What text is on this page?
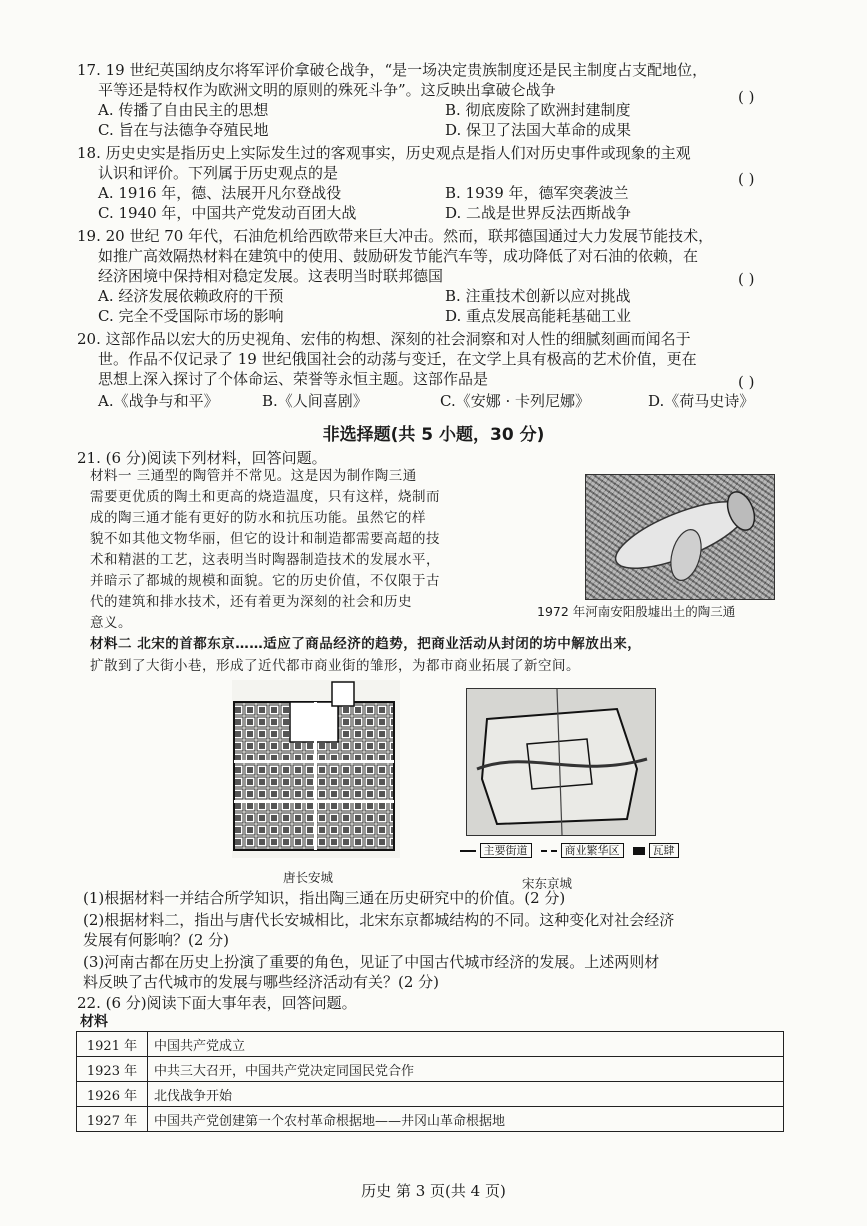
17. 19 世纪英国纳皮尔将军评价拿破仑战争，“是一场决定贵族制度还是民主制度占支配地位，
平等还是特权作为欧洲文明的原则的殊死斗争”。这反映出拿破仑战争	( )
A. 传播了自由民主的思想	B. 彻底废除了欧洲封建制度
C. 旨在与法德争夺殖民地	D. 保卫了法国大革命的成果
18. 历史史实是指历史上实际发生过的客观事实，历史观点是指人们对历史事件或现象的主观
认识和评价。下列属于历史观点的是	( )
A. 1916 年，德、法展开凡尔登战役	B. 1939 年，德军突袭波兰
C. 1940 年，中国共产党发动百团大战	D. 二战是世界反法西斯战争
19. 20 世纪 70 年代，石油危机给西欧带来巨大冲击。然而，联邦德国通过大力发展节能技术，
如推广高效隔热材料在建筑中的使用、鼓励研发节能汽车等，成功降低了对石油的依赖，在
经济困境中保持相对稳定发展。这表明当时联邦德国	( )
A. 经济发展依赖政府的干预	B. 注重技术创新以应对挑战
C. 完全不受国际市场的影响	D. 重点发展高能耗基础工业
20. 这部作品以宏大的历史视角、宏伟的构想、深刻的社会洞察和对人性的细腻刻画而闻名于
世。作品不仅记录了 19 世纪俄国社会的动荡与变迁，在文学上具有极高的艺术价值，更在
思想上深入探讨了个体命运、荣誉等永恒主题。这部作品是	( )
A.《战争与和平》	B.《人间喜剧》	C.《安娜 · 卡列尼娜》	D.《荷马史诗》
非选择题(共 5 小题，30 分)
21. (6 分)阅读下列材料，回答问题。
材料一 三通型的陶管并不常见。这是因为制作陶三通
需要更优质的陶土和更高的烧造温度，只有这样，烧制而
成的陶三通才能有更好的防水和抗压功能。虽然它的样
貌不如其他文物华丽，但它的设计和制造都需要高超的技
术和精湛的工艺，这表明当时陶器制造技术的发展水平，
并暗示了都城的规模和面貌。它的历史价值，不仅限于古
代的建筑和排水技术，还有着更为深刻的社会和历史
意义。
1972 年河南安阳殷墟出土的陶三通
材料二 北宋的首都东京……适应了商品经济的趋势，把商业活动从封闭的坊中解放出来，
扩散到了大街小巷，形成了近代都市商业街的雏形，为都市商业拓展了新空间。
唐长安城
主要街道	商业繁华区	瓦肆
宋东京城
(1)根据材料一并结合所学知识，指出陶三通在历史研究中的价值。(2 分)
(2)根据材料二，指出与唐代长安城相比，北宋东京都城结构的不同。这种变化对社会经济
发展有何影响？(2 分)
(3)河南古都在历史上扮演了重要的角色，见证了中国古代城市经济的发展。上述两则材
料反映了古代城市的发展与哪些经济活动有关？(2 分)
22. (6 分)阅读下面大事年表，回答问题。
材料
1921 年	中国共产党成立
1923 年	中共三大召开，中国共产党决定同国民党合作
1926 年	北伐战争开始
1927 年	中国共产党创建第一个农村革命根据地——井冈山革命根据地
历史 第 3 页(共 4 页)
